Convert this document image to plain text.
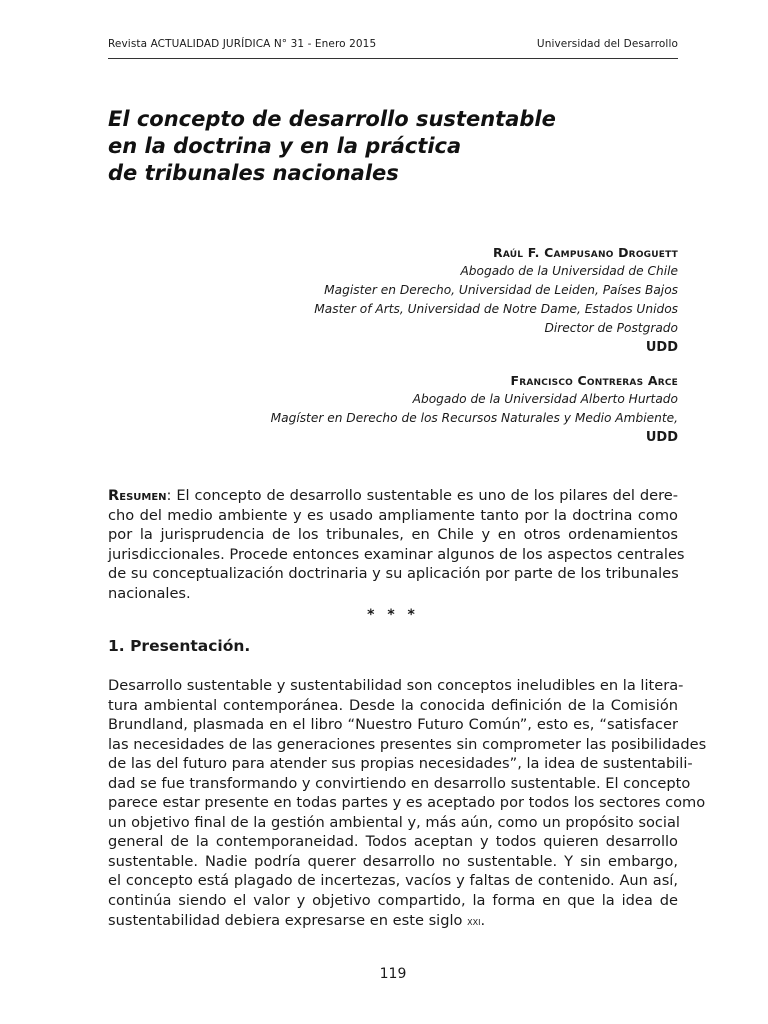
Revista ACTUALIDAD JURÍDICA N° 31 - Enero 2015	Universidad del Desarrollo
El concepto de desarrollo sustentable
en la doctrina y en la práctica
de tribunales nacionales
Raúl F. Campusano Droguett
Abogado de la Universidad de Chile
Magister en Derecho, Universidad de Leiden, Países Bajos
Master of Arts, Universidad de Notre Dame, Estados Unidos
Director de Postgrado
UDD
Francisco Contreras Arce
Abogado de la Universidad Alberto Hurtado
Magíster en Derecho de los Recursos Naturales y Medio Ambiente,
UDD
Resumen: El concepto de desarrollo sustentable es uno de los pilares del dere-
cho del medio ambiente y es usado ampliamente tanto por la doctrina como
por la jurisprudencia de los tribunales, en Chile y en otros ordenamientos
jurisdiccionales. Procede entonces examinar algunos de los aspectos centrales
de su conceptualización doctrinaria y su aplicación por parte de los tribunales
nacionales.
* * *
1. Presentación.
Desarrollo sustentable y sustentabilidad son conceptos ineludibles en la litera-
tura ambiental contemporánea. Desde la conocida definición de la Comisión
Brundland, plasmada en el libro “Nuestro Futuro Común”, esto es, “satisfacer
las necesidades de las generaciones presentes sin comprometer las posibilidades
de las del futuro para atender sus propias necesidades”, la idea de sustentabili-
dad se fue transformando y convirtiendo en desarrollo sustentable. El concepto
parece estar presente en todas partes y es aceptado por todos los sectores como
un objetivo final de la gestión ambiental y, más aún, como un propósito social
general de la contemporaneidad. Todos aceptan y todos quieren desarrollo
sustentable. Nadie podría querer desarrollo no sustentable. Y sin embargo,
el concepto está plagado de incertezas, vacíos y faltas de contenido. Aun así,
continúa siendo el valor y objetivo compartido, la forma en que la idea de
sustentabilidad debiera expresarse en este siglo xxi.
119
